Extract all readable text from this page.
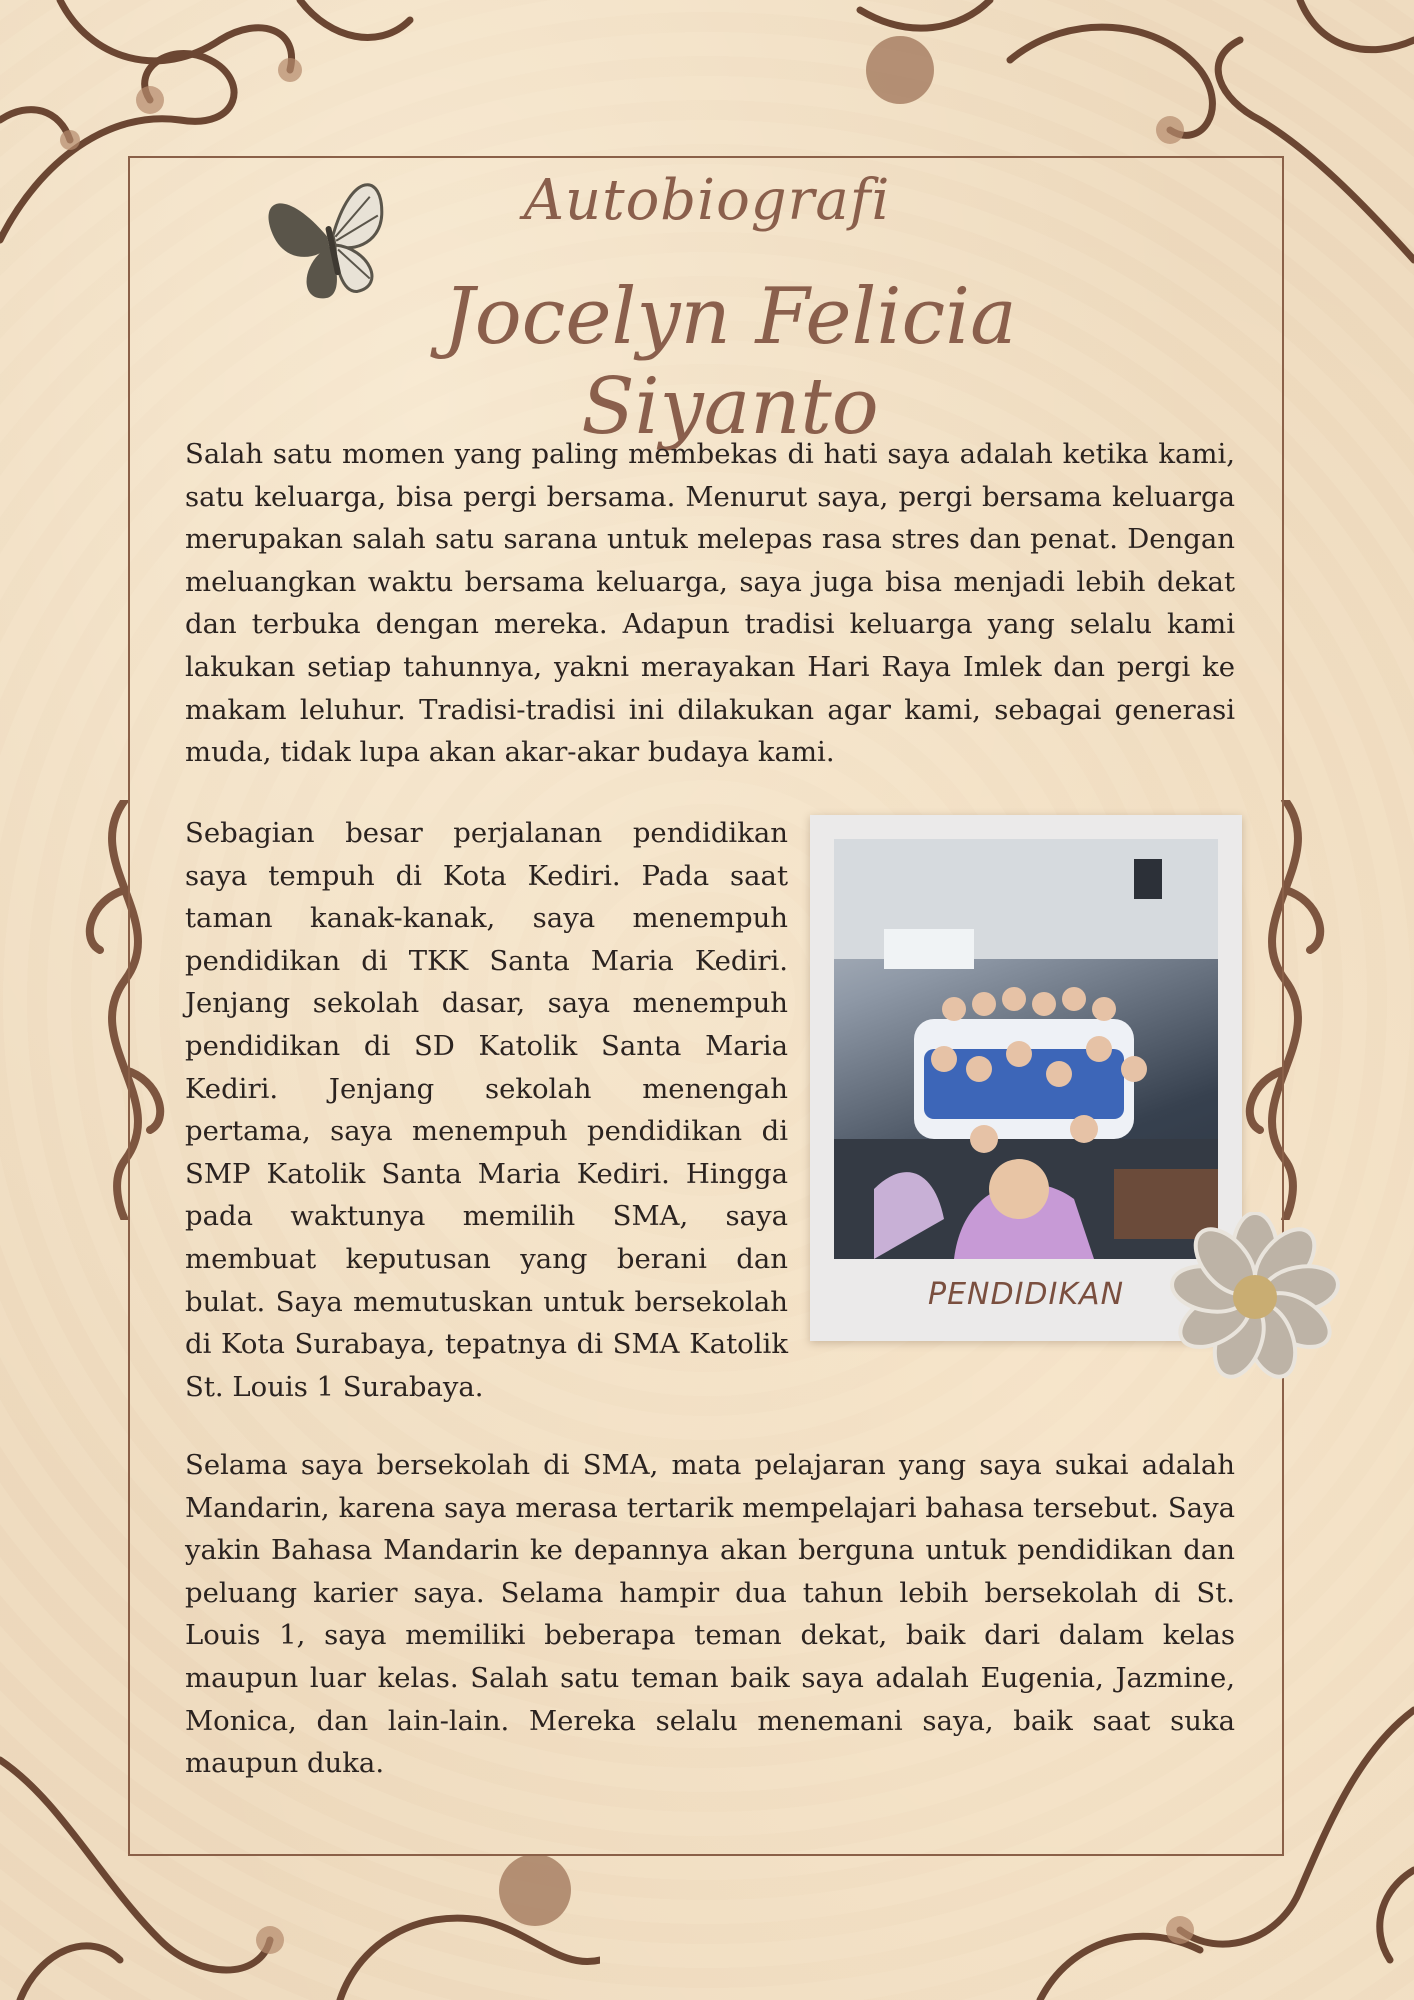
Autobiografi
Jocelyn Felicia Siyanto

Salah satu momen yang paling membekas di hati saya adalah ketika kami, satu keluarga, bisa pergi bersama. Menurut saya, pergi bersama keluarga merupakan salah satu sarana untuk melepas rasa stres dan penat. Dengan meluangkan waktu bersama keluarga, saya juga bisa menjadi lebih dekat dan terbuka dengan mereka. Adapun tradisi keluarga yang selalu kami lakukan setiap tahunnya, yakni merayakan Hari Raya Imlek dan pergi ke makam leluhur. Tradisi-tradisi ini dilakukan agar kami, sebagai generasi muda, tidak lupa akan akar-akar budaya kami.

Sebagian besar perjalanan pendidikan saya tempuh di Kota Kediri. Pada saat taman kanak-kanak, saya menempuh pendidikan di TKK Santa Maria Kediri. Jenjang sekolah dasar, saya menempuh pendidikan di SD Katolik Santa Maria Kediri. Jenjang sekolah menengah pertama, saya menempuh pendidikan di SMP Katolik Santa Maria Kediri. Hingga pada waktunya memilih SMA, saya membuat keputusan yang berani dan bulat. Saya memutuskan untuk bersekolah di Kota Surabaya, tepatnya di SMA Katolik St. Louis 1 Surabaya.

Selama saya bersekolah di SMA, mata pelajaran yang saya sukai adalah Mandarin, karena saya merasa tertarik mempelajari bahasa tersebut. Saya yakin Bahasa Mandarin ke depannya akan berguna untuk pendidikan dan peluang karier saya. Selama hampir dua tahun lebih bersekolah di St. Louis 1, saya memiliki beberapa teman dekat, baik dari dalam kelas maupun luar kelas. Salah satu teman baik saya adalah Eugenia, Jazmine, Monica, dan lain-lain. Mereka selalu menemani saya, baik saat suka maupun duka.

PENDIDIKAN
